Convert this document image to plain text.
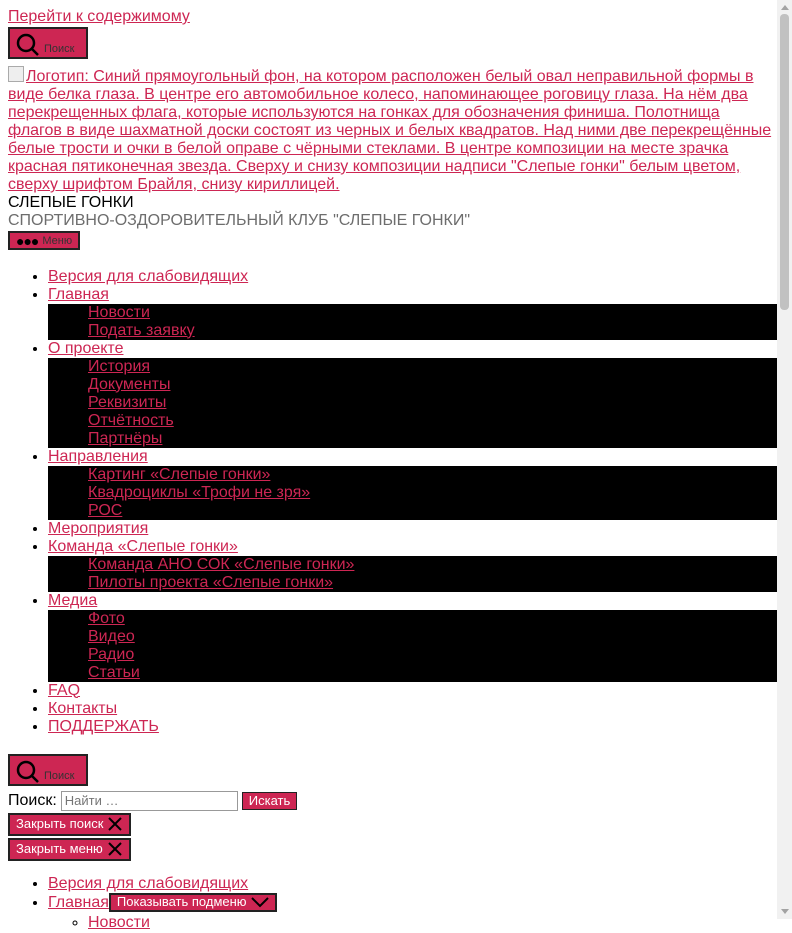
Перейти к содержимому
Поиск
Логотип: Синий прямоугольный фон, на котором расположен белый овал неправильной формы в виде белка глаза. В центре его автомобильное колесо, напоминающее роговицу глаза. На нём два перекрещенных флага, которые используются на гонках для обозначения финиша. Полотнища флагов в виде шахматной доски состоят из черных и белых квадратов. Над ними две перекрещённые белые трости и очки в белой оправе с чёрными стеклами. В центре композиции на месте зрачка красная пятиконечная звезда. Сверху и снизу композиции надписи "Слепые гонки" белым цветом, сверху шрифтом Брайля, снизу кириллицей.
СЛЕПЫЕ ГОНКИ
СПОРТИВНО-ОЗДОРОВИТЕЛЬНЫЙ КЛУБ "СЛЕПЫЕ ГОНКИ"
●●● Меню
• Версия для слабовидящих
• Главная
• Новости
• Подать заявку
• О проекте
• История
• Документы
• Реквизиты
• Отчётность
• Партнёры
• Направления
• Картинг «Слепые гонки»
• Квадроциклы «Трофи не зря»
• РОС
• Мероприятия
• Команда «Слепые гонки»
• Команда АНО СОК «Слепые гонки»
• Пилоты проекта «Слепые гонки»
• Медиа
• Фото
• Видео
• Радио
• Статьи
• FAQ
• Контакты
• ПОДДЕРЖАТЬ
Поиск
Поиск:
Найти …	Искать
Закрыть поиск
Закрыть меню
• Версия для слабовидящих
• Главная Показывать подменю
◦ Новости
